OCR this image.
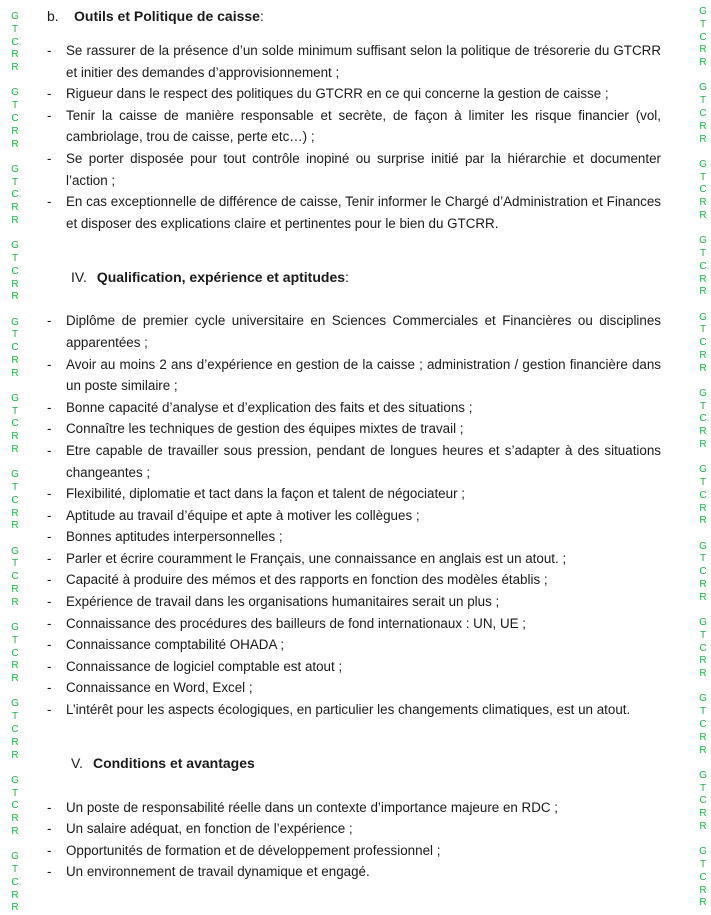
G
T
C
R
R
G
T
C
R
R
G
T
C
R
R
G
T
C
R
R
G
T
C
R
R
G
T
C
R
R
G
T
C
R
R
G
T
C
R
R
G
T
C
R
R
G
T
C
R
R
G
T
C
R
R
G
T
C
R
R
G
T
C
R
R
G
T
C
R
R
G
T
C
R
R
G
T
C
R
R
G
T
C
R
R
G
T
C
R
R
G
T
C
R
R
G
T
C
R
R
G
T
C
R
R
G
T
C
R
R
G
T
C
R
R
G
T
C
R
R
b.	Outils et Politique de caisse :
-	Se rassurer de la présence d’un solde minimum suffisant selon la politique de trésorerie du GTCRR et initier des demandes d’approvisionnement ;
-	Rigueur dans le respect des politiques du GTCRR en ce qui concerne la gestion de caisse ;
-	Tenir la caisse de manière responsable et secrète, de façon à limiter les risque financier (vol, cambriolage, trou de caisse, perte etc…) ;
-	Se porter disposée pour tout contrôle inopiné ou surprise initié par la hiérarchie et documenter l’action ;
-	En cas exceptionnelle de différence de caisse, Tenir informer le Chargé d’Administration et Finances et disposer des explications claire et pertinentes pour le bien du GTCRR.
IV. Qualification, expérience et aptitudes :
-	Diplôme de premier cycle universitaire en Sciences Commerciales et Financières ou disciplines apparentées ;
-	Avoir au moins 2 ans d’expérience en gestion de la caisse ; administration / gestion financière dans un poste similaire ;
-	Bonne capacité d’analyse et d’explication des faits et des situations ;
-	Connaître les techniques de gestion des équipes mixtes de travail ;
-	Etre capable de travailler sous pression, pendant de longues heures et s’adapter à des situations changeantes ;
-	Flexibilité, diplomatie et tact dans la façon et talent de négociateur ;
-	Aptitude au travail d’équipe et apte à motiver les collègues ;
-	Bonnes aptitudes interpersonnelles ;
-	Parler et écrire couramment le Français, une connaissance en anglais est un atout. ;
-	Capacité à produire des mémos et des rapports en fonction des modèles établis ;
-	Expérience de travail dans les organisations humanitaires serait un plus ;
-	Connaissance des procédures des bailleurs de fond internationaux : UN, UE ;
-	Connaissance comptabilité OHADA ;
-	Connaissance de logiciel comptable est atout ;
-	Connaissance en Word, Excel ;
-	L’intérêt pour les aspects écologiques, en particulier les changements climatiques, est un atout.
V. Conditions et avantages
-	Un poste de responsabilité réelle dans un contexte d’importance majeure en RDC ;
-	Un salaire adéquat, en fonction de l’expérience ;
-	Opportunités de formation et de développement professionnel ;
-	Un environnement de travail dynamique et engagé.
